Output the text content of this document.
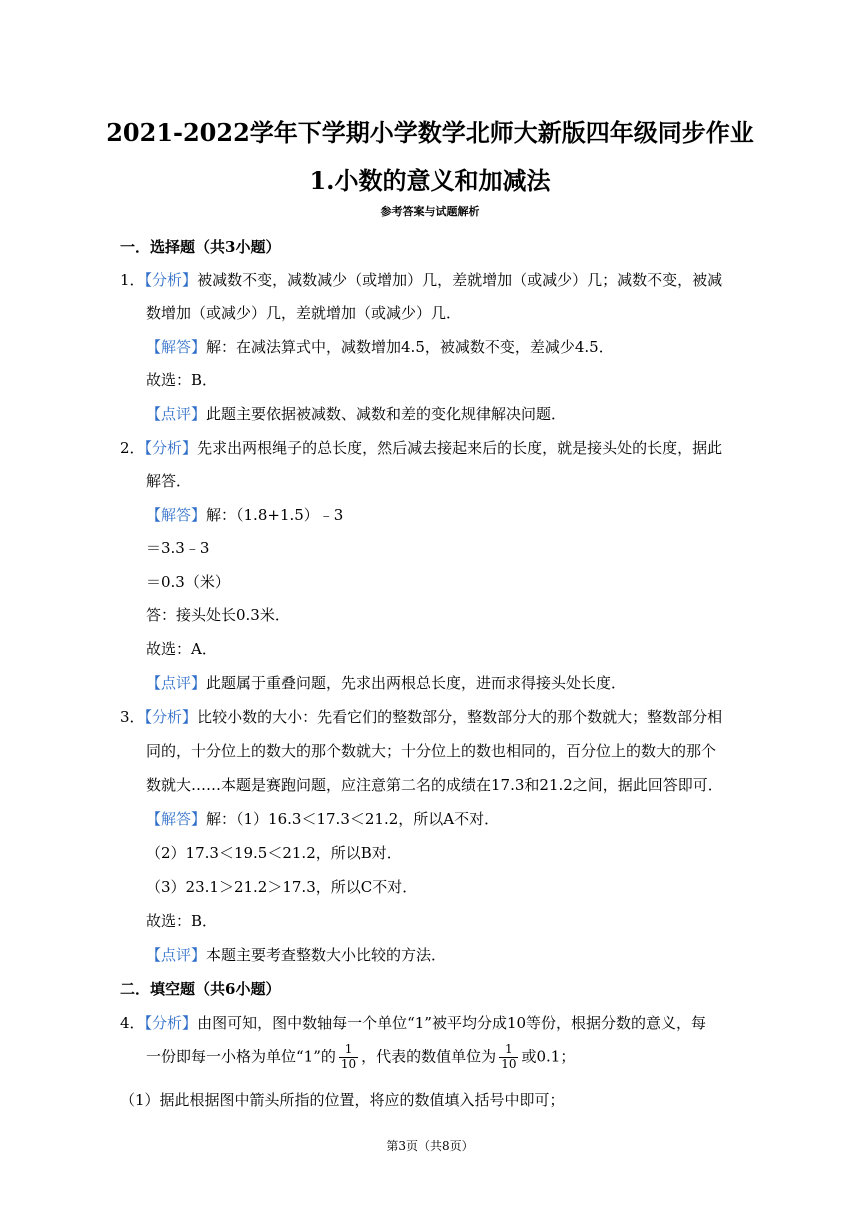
2021-2022学年下学期小学数学北师大新版四年级同步作业
1.小数的意义和加减法
参考答案与试题解析
一．选择题（共3小题）
1．【分析】被减数不变，减数减少（或增加）几，差就增加（或减少）几；减数不变，被减
数增加（或减少）几，差就增加（或减少）几．
【解答】解：在减法算式中，减数增加4.5，被减数不变，差减少4.5．
故选：B．
【点评】此题主要依据被减数、减数和差的变化规律解决问题．
2．【分析】先求出两根绳子的总长度，然后减去接起来后的长度，就是接头处的长度，据此
解答．
【解答】解：（1.8+1.5）﹣3
＝3.3﹣3
＝0.3（米）
答：接头处长0.3米．
故选：A．
【点评】此题属于重叠问题，先求出两根总长度，进而求得接头处长度．
3．【分析】比较小数的大小：先看它们的整数部分，整数部分大的那个数就大；整数部分相
同的，十分位上的数大的那个数就大；十分位上的数也相同的，百分位上的数大的那个
数就大……本题是赛跑问题，应注意第二名的成绩在17.3和21.2之间，据此回答即可．
【解答】解：（1）16.3＜17.3＜21.2，所以A不对．
（2）17.3＜19.5＜21.2，所以B对．
（3）23.1＞21.2＞17.3，所以C不对．
故选：B．
【点评】本题主要考查整数大小比较的方法．
二．填空题（共6小题）
4．【分析】由图可知，图中数轴每一个单位“1”被平均分成10等份，根据分数的意义，每
一份即每一小格为单位“1”的 $\frac{1}{10}$ ，代表的数值单位为 $\frac{1}{10}$ 或0.1；
（1）据此根据图中箭头所指的位置，将应的数值填入括号中即可；
第3页（共8页）
